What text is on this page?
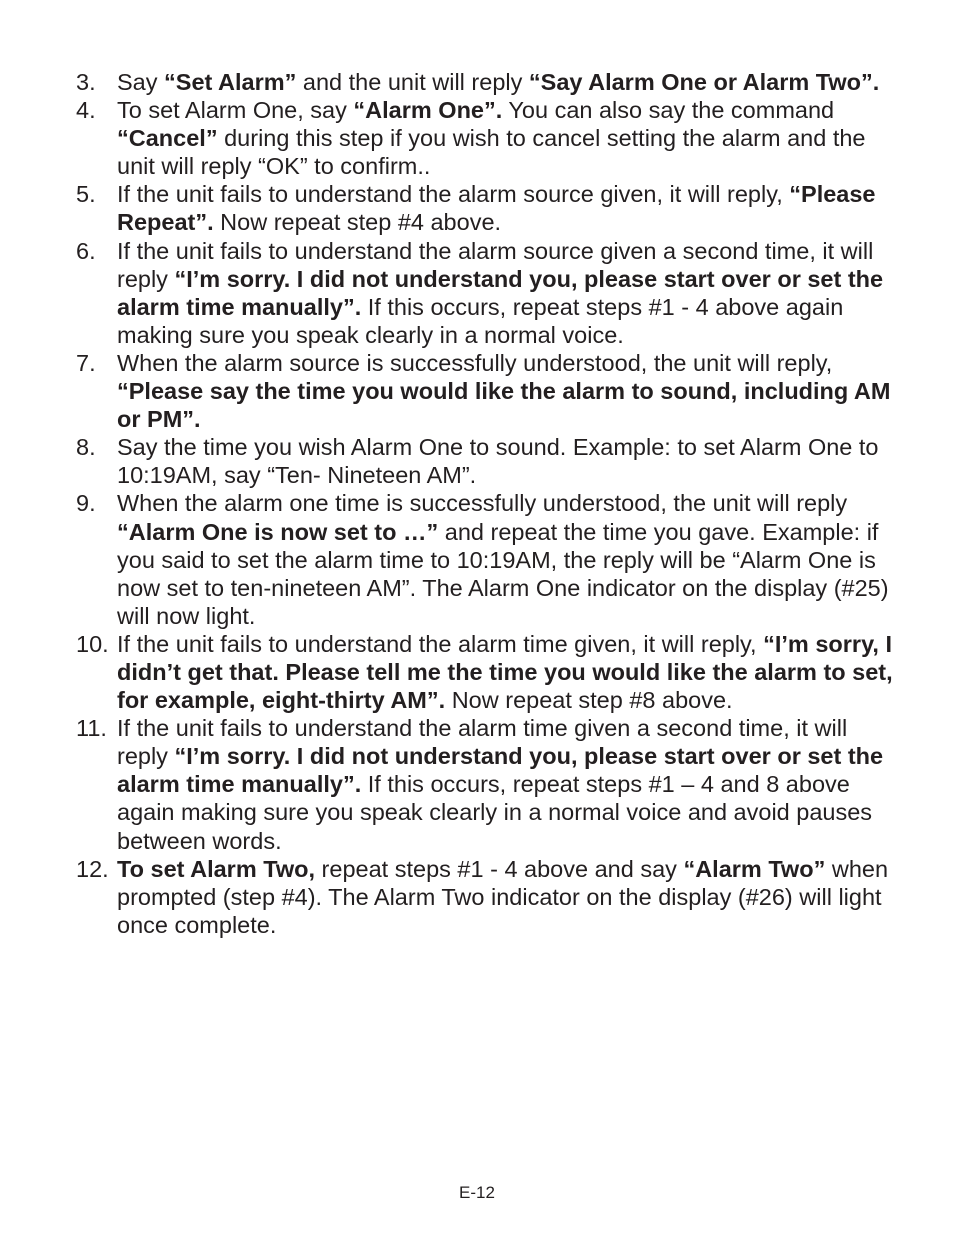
3. Say “Set Alarm” and the unit will reply “Say Alarm One or Alarm Two”.
4. To set Alarm One, say “Alarm One”. You can also say the command “Cancel” during this step if you wish to cancel setting the alarm and the unit will reply “OK” to confirm..
5. If the unit fails to understand the alarm source given, it will reply, “Please Repeat”. Now repeat step #4 above.
6. If the unit fails to understand the alarm source given a second time, it will reply “I’m sorry. I did not understand you, please start over or set the alarm time manually”. If this occurs, repeat steps #1 - 4 above again making sure you speak clearly in a normal voice.
7. When the alarm source is successfully understood, the unit will reply, “Please say the time you would like the alarm to sound, including AM or PM”.
8. Say the time you wish Alarm One to sound. Example: to set Alarm One to 10:19AM, say “Ten- Nineteen AM”.
9. When the alarm one time is successfully understood, the unit will reply “Alarm One is now set to …” and repeat the time you gave. Example: if you said to set the alarm time to 10:19AM, the reply will be “Alarm One is now set to ten-nineteen AM”. The Alarm One indicator on the display (#25) will now light.
10. If the unit fails to understand the alarm time given, it will reply, “I’m sorry, I didn’t get that. Please tell me the time you would like the alarm to set, for example, eight-thirty AM”. Now repeat step #8 above.
11. If the unit fails to understand the alarm time given a second time, it will reply “I’m sorry. I did not understand you, please start over or set the alarm time manually”. If this occurs, repeat steps #1 – 4 and 8 above again making sure you speak clearly in a normal voice and avoid pauses between words.
12. To set Alarm Two, repeat steps #1 - 4 above and say “Alarm Two” when prompted (step #4). The Alarm Two indicator on the display (#26) will light once complete.
E-12
